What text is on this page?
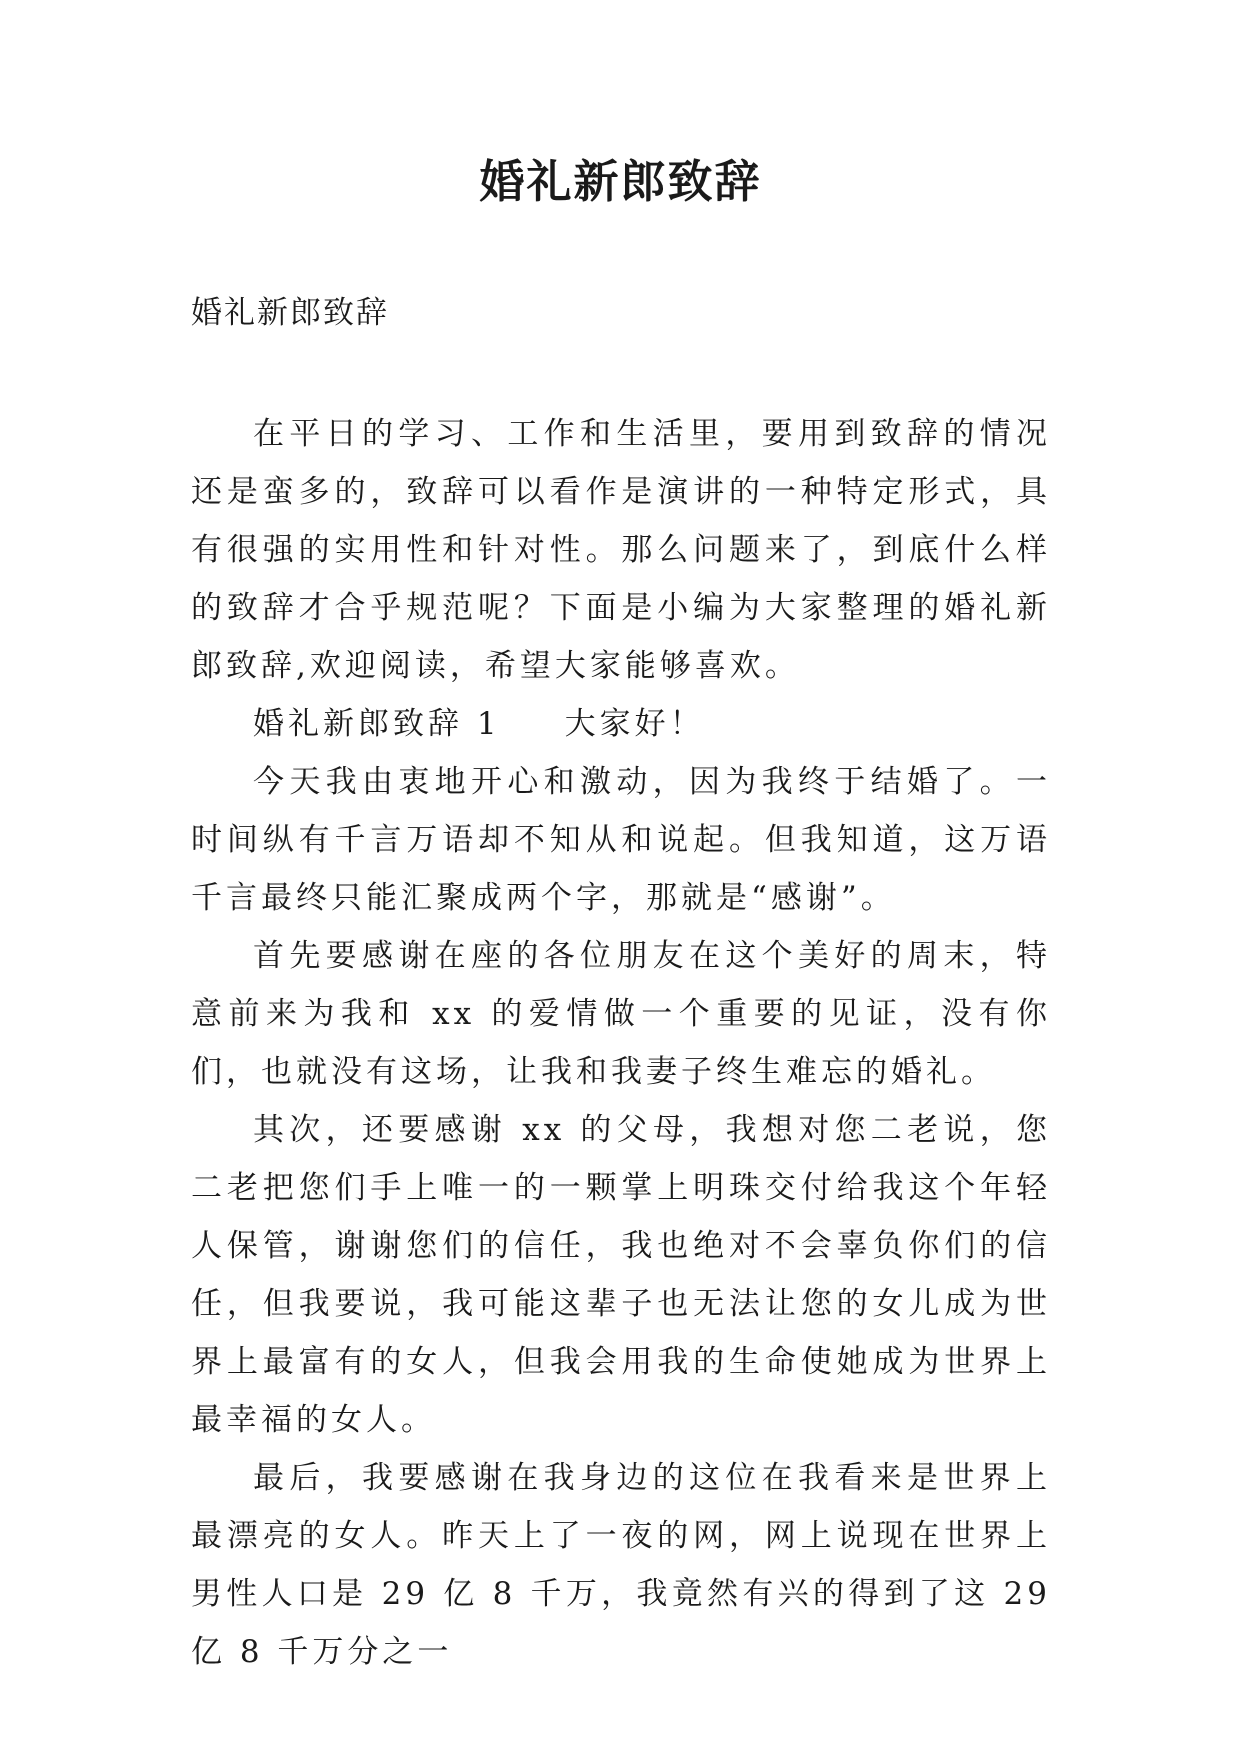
婚礼新郎致辞
婚礼新郎致辞

在平日的学习、工作和生活里，要用到致辞的情况还是蛮多的，致辞可以看作是演讲的一种特定形式，具有很强的实用性和针对性。那么问题来了，到底什么样的致辞才合乎规范呢？下面是小编为大家整理的婚礼新郎致辞,欢迎阅读，希望大家能够喜欢。

婚礼新郎致辞 1 大家好！

今天我由衷地开心和激动，因为我终于结婚了。一时间纵有千言万语却不知从和说起。但我知道，这万语千言最终只能汇聚成两个字，那就是“感谢”。

首先要感谢在座的各位朋友在这个美好的周末，特意前来为我和 xx 的爱情做一个重要的见证，没有你们，也就没有这场，让我和我妻子终生难忘的婚礼。

其次，还要感谢 xx 的父母，我想对您二老说，您二老把您们手上唯一的一颗掌上明珠交付给我这个年轻人保管，谢谢您们的信任，我也绝对不会辜负你们的信任，但我要说，我可能这辈子也无法让您的女儿成为世界上最富有的女人，但我会用我的生命使她成为世界上最幸福的女人。

最后，我要感谢在我身边的这位在我看来是世界上最漂亮的女人。昨天上了一夜的网，网上说现在世界上男性人口是 29 亿 8 千万，我竟然有兴的得到了这 29 亿 8 千万分之一
